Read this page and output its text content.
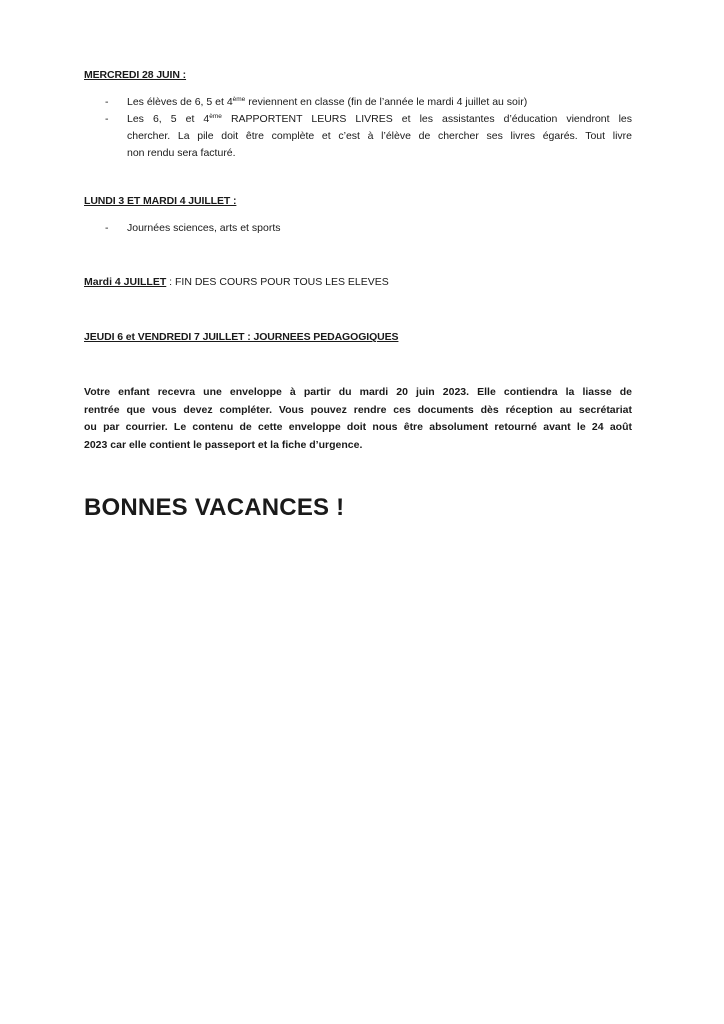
MERCREDI 28 JUIN :
- Les élèves de 6, 5 et 4ème reviennent en classe (fin de l’année le mardi 4 juillet au soir)
- Les 6, 5 et 4ème RAPPORTENT LEURS LIVRES et les assistantes d’éducation viendront les
chercher. La pile doit être complète et c’est à l’élève de chercher ses livres égarés. Tout livre
non rendu sera facturé.
LUNDI 3 ET MARDI 4 JUILLET :
- Journées sciences, arts et sports
Mardi 4 JUILLET : FIN DES COURS POUR TOUS LES ELEVES
JEUDI 6 et VENDREDI 7 JUILLET : JOURNEES PEDAGOGIQUES
Votre enfant recevra une enveloppe à partir du mardi 20 juin 2023. Elle contiendra la liasse de
rentrée que vous devez compléter. Vous pouvez rendre ces documents dès réception au secrétariat
ou par courrier. Le contenu de cette enveloppe doit nous être absolument retourné avant le 24 août
2023 car elle contient le passeport et la fiche d’urgence.
BONNES VACANCES !
